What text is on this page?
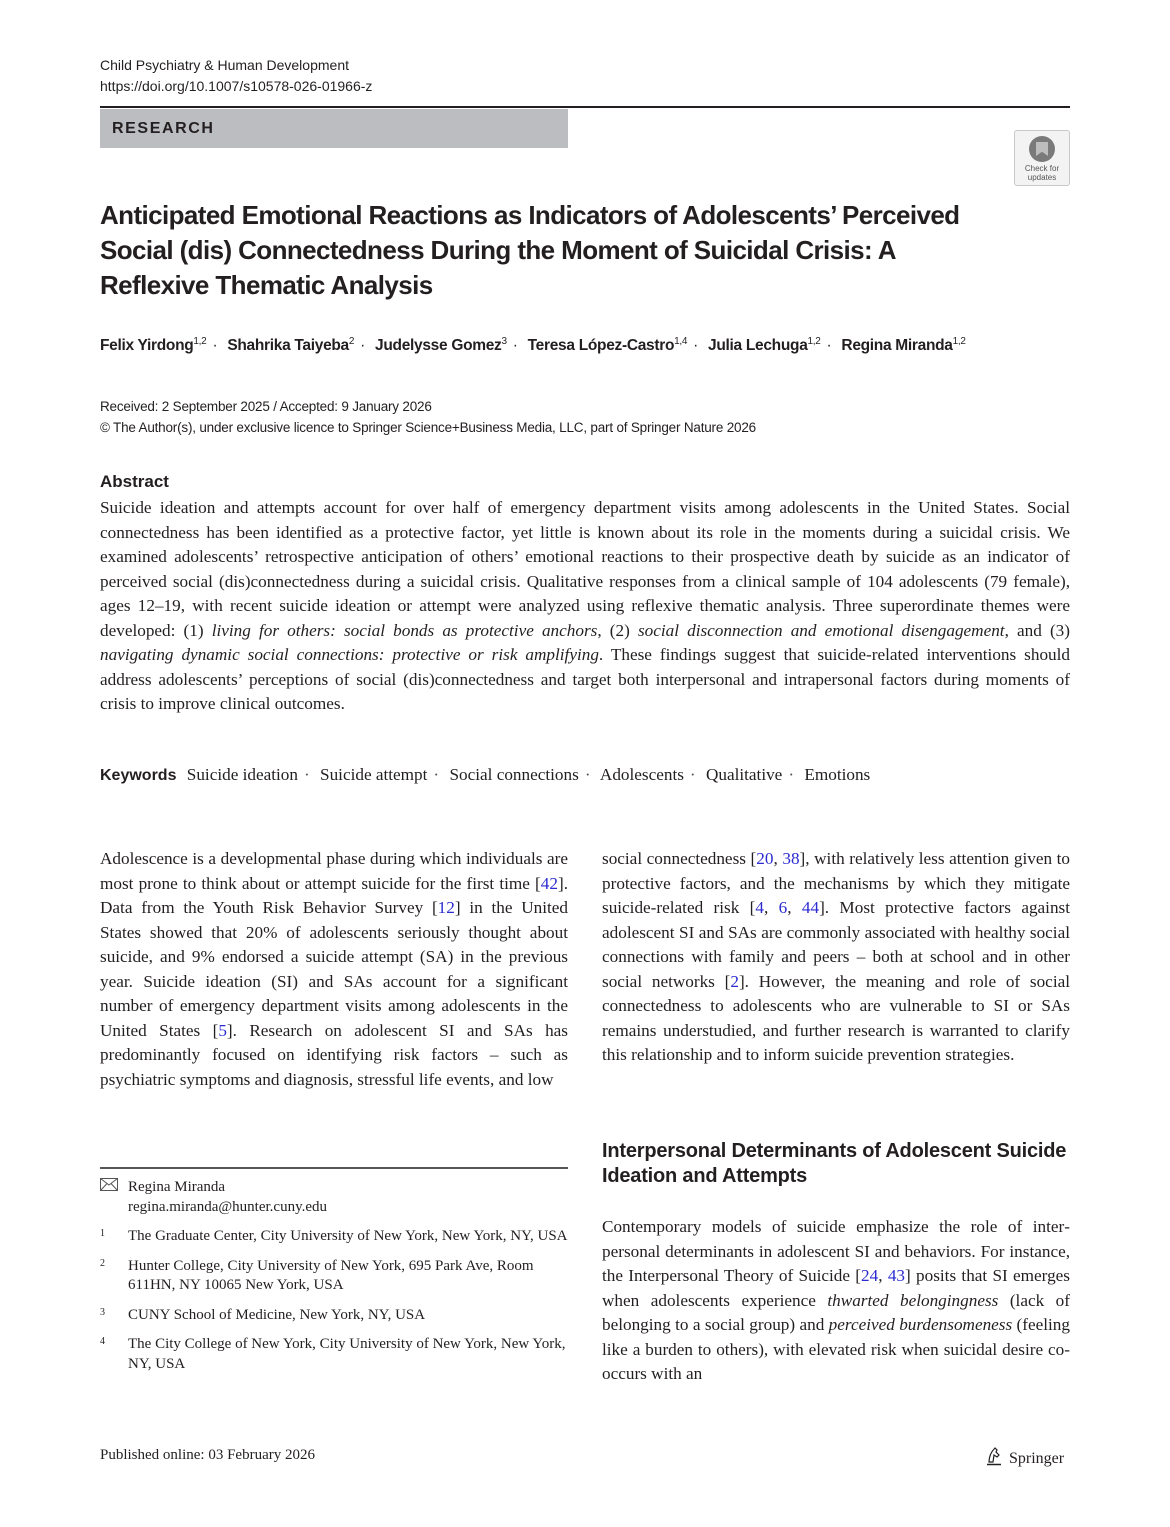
Child Psychiatry & Human Development
https://doi.org/10.1007/s10578-026-01966-z
RESEARCH
Check for
updates
Anticipated Emotional Reactions as Indicators of Adolescents’ Perceived Social (dis) Connectedness During the Moment of Suicidal Crisis: A Reflexive Thematic Analysis
Felix Yirdong$^{1,2}$ · Shahrika Taiyeba$^2$ · Judelysse Gomez$^3$ · Teresa López-Castro$^{1,4}$ · Julia Lechuga$^{1,2}$ · Regina Miranda$^{1,2}$
Received: 2 September 2025 / Accepted: 9 January 2026
© The Author(s), under exclusive licence to Springer Science+Business Media, LLC, part of Springer Nature 2026
Abstract
Suicide ideation and attempts account for over half of emergency department visits among adolescents in the United States. Social connectedness has been identified as a protective factor, yet little is known about its role in the moments during a suicidal crisis. We examined adolescents’ retrospective anticipation of others’ emotional reactions to their prospective death by suicide as an indicator of perceived social (dis)connectedness during a suicidal crisis. Qualitative responses from a clinical sample of 104 adolescents (79 female), ages 12–19, with recent suicide ideation or attempt were analyzed using reflexive thematic analysis. Three superordinate themes were developed: (1) living for others: social bonds as protective anchors, (2) social disconnection and emotional disengagement, and (3) navigating dynamic social connections: protective or risk amplifying. These findings suggest that suicide-related interventions should address adolescents’ perceptions of social (dis)connectedness and target both interpersonal and intrapersonal factors during moments of crisis to improve clinical outcomes.
Keywords Suicide ideation · Suicide attempt · Social connections · Adolescents · Qualitative · Emotions
Adolescence is a developmental phase during which individuals are most prone to think about or attempt suicide for the first time [42]. Data from the Youth Risk Behavior Survey [12] in the United States showed that 20% of adolescents seriously thought about suicide, and 9% endorsed a suicide attempt (SA) in the previous year. Suicide ideation (SI) and SAs account for a significant number of emergency department visits among adolescents in the United States [5]. Research on adolescent SI and SAs has predominantly focused on identifying risk factors – such as psychiatric symptoms and diagnosis, stressful life events, and low
social connectedness [20, 38], with relatively less attention given to protective factors, and the mechanisms by which they mitigate suicide-related risk [4, 6, 44]. Most protective factors against adolescent SI and SAs are commonly associated with healthy social connections with family and peers – both at school and in other social networks [2]. However, the meaning and role of social connectedness to adolescents who are vulnerable to SI or SAs remains understudied, and further research is warranted to clarify this relationship and to inform suicide prevention strategies.
Interpersonal Determinants of Adolescent Suicide Ideation and Attempts
Contemporary models of suicide emphasize the role of interpersonal determinants in adolescent SI and behaviors. For instance, the Interpersonal Theory of Suicide [24, 43] posits that SI emerges when adolescents experience thwarted belongingness (lack of belonging to a social group) and perceived burdensomeness (feeling like a burden to others), with elevated risk when suicidal desire co-occurs with an
Regina Miranda
regina.miranda@hunter.cuny.edu
1	The Graduate Center, City University of New York, New York, NY, USA
2	Hunter College, City University of New York, 695 Park Ave, Room 611HN, NY 10065 New York, USA
3	CUNY School of Medicine, New York, NY, USA
4	The City College of New York, City University of New York, New York, NY, USA
Published online: 03 February 2026	Springer
